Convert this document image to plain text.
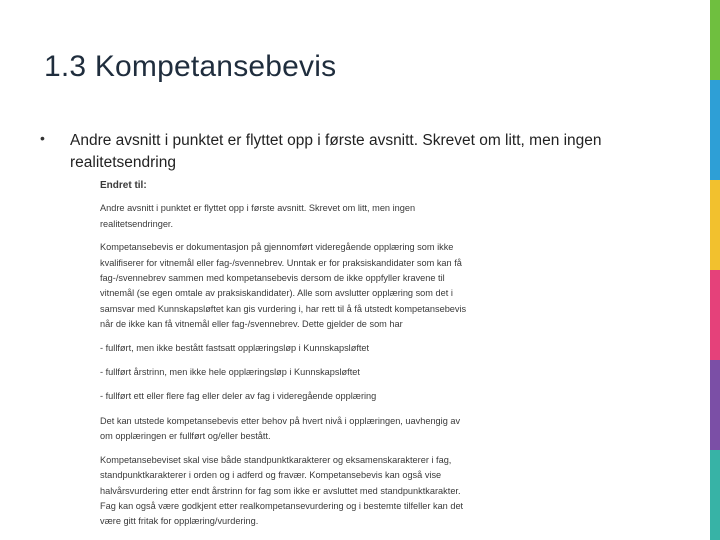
1.3 Kompetansebevis
• Andre avsnitt i punktet er flyttet opp i første avsnitt. Skrevet om litt, men ingen realitetsendring
Endret til:

Andre avsnitt i punktet er flyttet opp i første avsnitt. Skrevet om litt, men ingen realitetsendringer.

Kompetansebevis er dokumentasjon på gjennomført videregående opplæring som ikke kvalifiserer for vitnemål eller fag-/svennebrev. Unntak er for praksiskandidater som kan få fag-/svennebrev sammen med kompetansebevis dersom de ikke oppfyller kravene til vitnemål (se egen omtale av praksiskandidater). Alle som avslutter opplæring som det i samsvar med Kunnskapsløftet kan gis vurdering i, har rett til å få utstedt kompetansebevis når de ikke kan få vitnemål eller fag-/svennebrev. Dette gjelder de som har

- fullført, men ikke bestått fastsatt opplæringsløp i Kunnskapsløftet
- fullført årstrinn, men ikke hele opplæringsløp i Kunnskapsløftet
- fullført ett eller flere fag eller deler av fag i videregående opplæring

Det kan utstede kompetansebevis etter behov på hvert nivå i opplæringen, uavhengig av om opplæringen er fullført og/eller bestått.

Kompetansebeviset skal vise både standpunktkarakterer og eksamenskarakterer i fag, standpunktkarakterer i orden og i adferd og fravær. Kompetansebevis kan også vise halvårsvurdering etter endt årstrinn for fag som ikke er avsluttet med standpunktkarakter. Fag kan også være godkjent etter realkompetansevurdering og i bestemte tilfeller kan det være gitt fritak for opplæring/vurdering.
